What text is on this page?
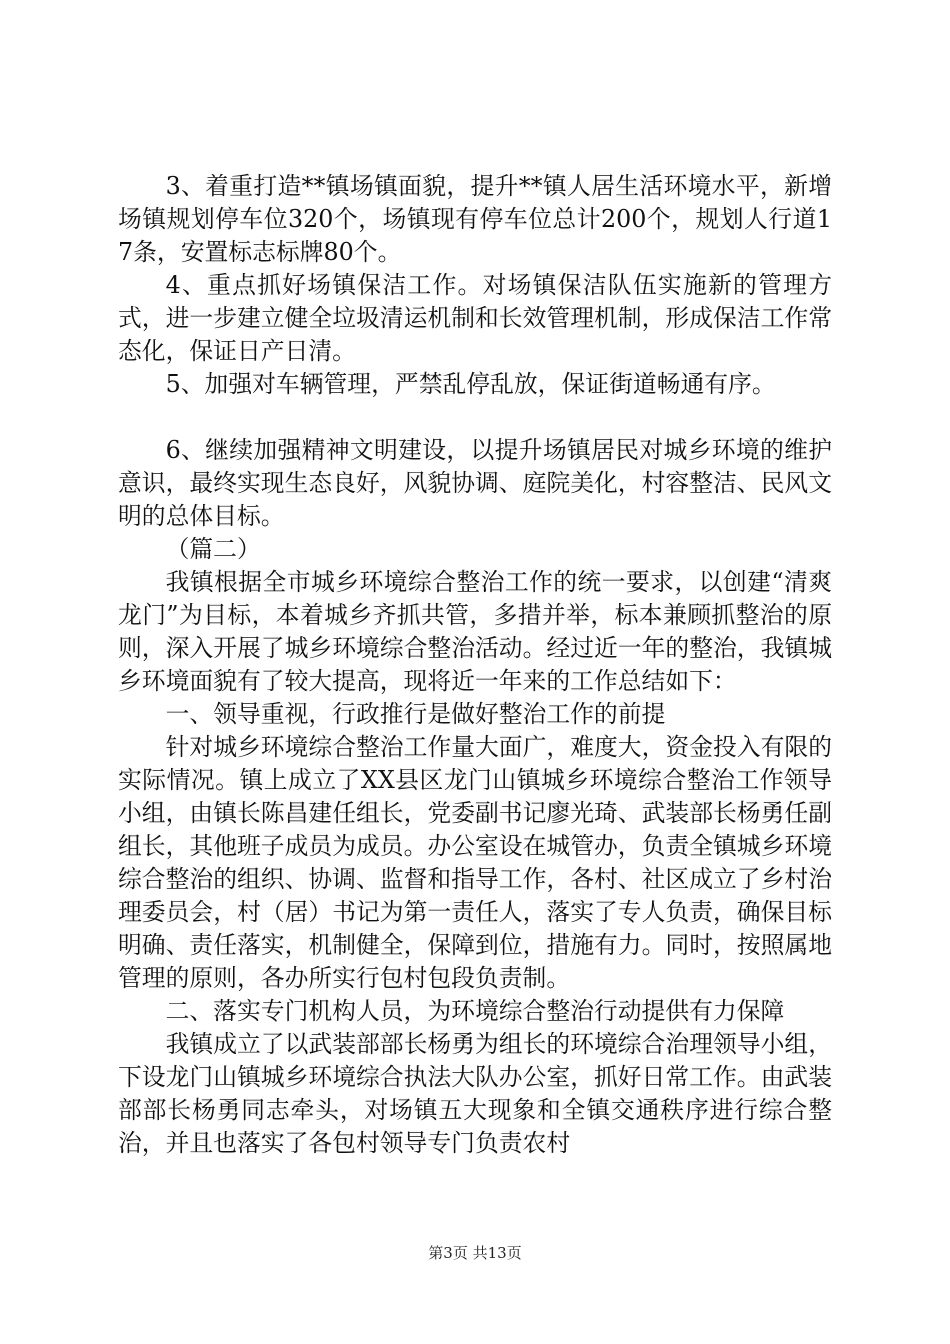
3、着重打造**镇场镇面貌，提升**镇人居生活环境水平，新增场镇规划停车位320个，场镇现有停车位总计200个，规划人行道17条，安置标志标牌80个。

4、重点抓好场镇保洁工作。对场镇保洁队伍实施新的管理方式，进一步建立健全垃圾清运机制和长效管理机制，形成保洁工作常态化，保证日产日清。

5、加强对车辆管理，严禁乱停乱放，保证街道畅通有序。

6、继续加强精神文明建设，以提升场镇居民对城乡环境的维护意识，最终实现生态良好，风貌协调、庭院美化，村容整洁、民风文明的总体目标。

（篇二）

我镇根据全市城乡环境综合整治工作的统一要求，以创建“清爽龙门”为目标，本着城乡齐抓共管，多措并举，标本兼顾抓整治的原则，深入开展了城乡环境综合整治活动。经过近一年的整治，我镇城乡环境面貌有了较大提高，现将近一年来的工作总结如下：

一、领导重视，行政推行是做好整治工作的前提

针对城乡环境综合整治工作量大面广，难度大，资金投入有限的实际情况。镇上成立了XX县区龙门山镇城乡环境综合整治工作领导小组，由镇长陈昌建任组长，党委副书记廖光琦、武装部长杨勇任副组长，其他班子成员为成员。办公室设在城管办，负责全镇城乡环境综合整治的组织、协调、监督和指导工作，各村、社区成立了乡村治理委员会，村（居）书记为第一责任人，落实了专人负责，确保目标明确、责任落实，机制健全，保障到位，措施有力。同时，按照属地管理的原则，各办所实行包村包段负责制。

二、落实专门机构人员，为环境综合整治行动提供有力保障

我镇成立了以武装部部长杨勇为组长的环境综合治理领导小组，下设龙门山镇城乡环境综合执法大队办公室，抓好日常工作。由武装部部长杨勇同志牵头，对场镇五大现象和全镇交通秩序进行综合整治，并且也落实了各包村领导专门负责农村

第3页 共13页
